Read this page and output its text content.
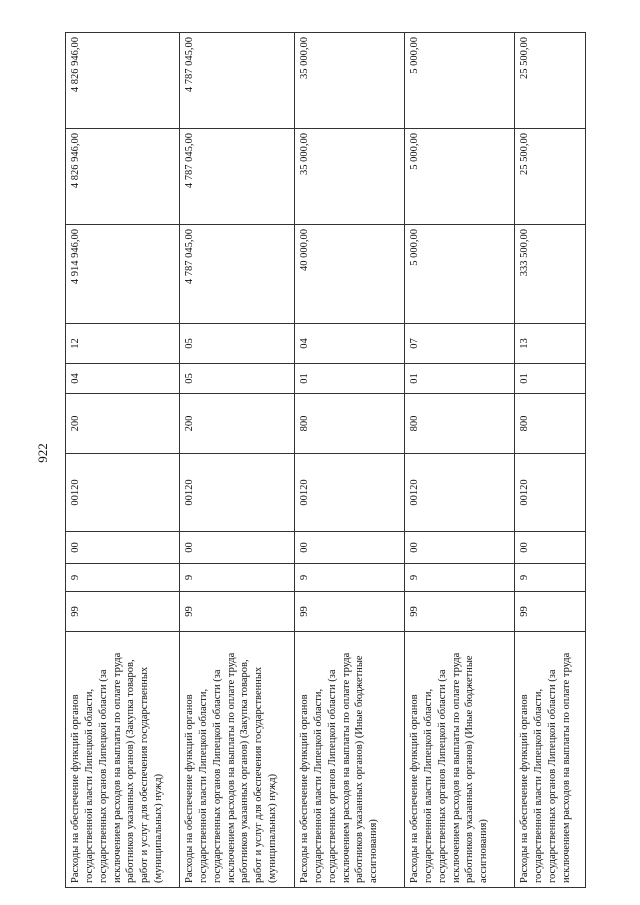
922
Расходы на обеспечение функций органов государственной власти Липецкой области, государственных органов Липецкой области (за исключением расходов на выплаты по оплате труда работников указанных органов) (Закупка товаров, работ и услуг для обеспечения государственных (муниципальных) нужд)	99	9	00	00120	200	04	12	4 914 946,00	4 826 946,00	4 826 946,00
Расходы на обеспечение функций органов государственной власти Липецкой области, государственных органов Липецкой области (за исключением расходов на выплаты по оплате труда работников указанных органов) (Закупка товаров, работ и услуг для обеспечения государственных (муниципальных) нужд)	99	9	00	00120	200	05	05	4 787 045,00	4 787 045,00	4 787 045,00
Расходы на обеспечение функций органов государственной власти Липецкой области, государственных органов Липецкой области (за исключением расходов на выплаты по оплате труда работников указанных органов) (Иные бюджетные ассигнования)	99	9	00	00120	800	01	04	40 000,00	35 000,00	35 000,00
Расходы на обеспечение функций органов государственной власти Липецкой области, государственных органов Липецкой области (за исключением расходов на выплаты по оплате труда работников указанных органов) (Иные бюджетные ассигнования)	99	9	00	00120	800	01	07	5 000,00	5 000,00	5 000,00
Расходы на обеспечение функций органов государственной власти Липецкой области, государственных органов Липецкой области (за исключением расходов на выплаты по оплате труда	99	9	00	00120	800	01	13	333 500,00	25 500,00	25 500,00
